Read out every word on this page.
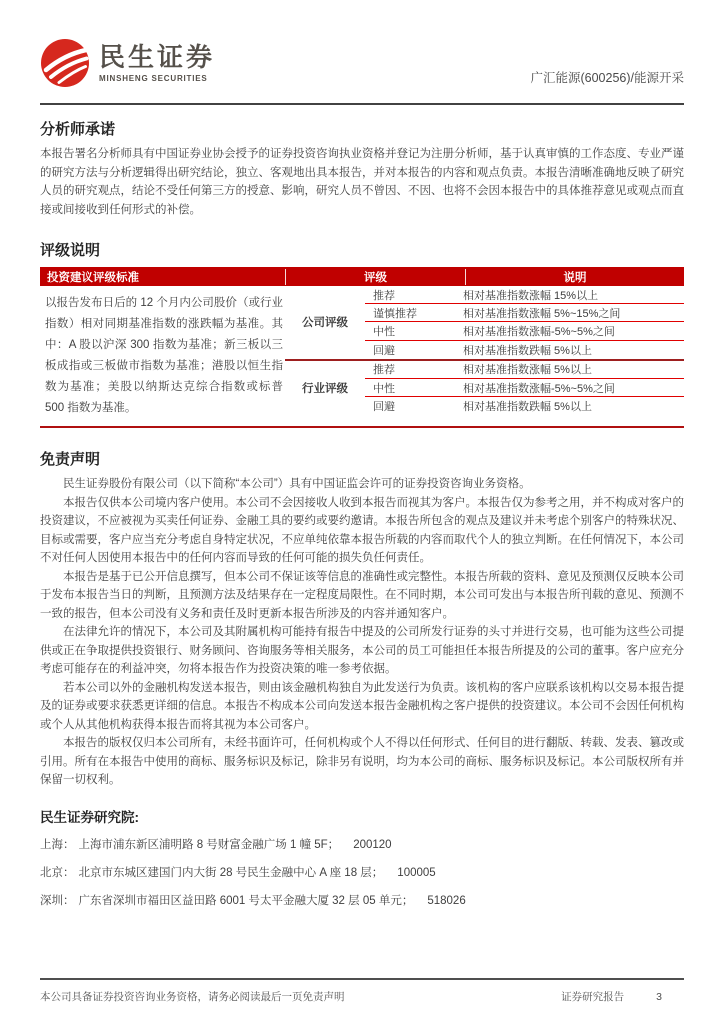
民生证券
MINSHENG SECURITIES	广汇能源(600256)/能源开采
分析师承诺

本报告署名分析师具有中国证券业协会授予的证券投资咨询执业资格并登记为注册分析师，基于认真审慎的工作态度、专业严谨的研究方法与分析逻辑得出研究结论，独立、客观地出具本报告，并对本报告的内容和观点负责。本报告清晰准确地反映了研究人员的研究观点，结论不受任何第三方的授意、影响，研究人员不曾因、不因、也将不会因本报告中的具体推荐意见或观点而直接或间接收到任何形式的补偿。

评级说明
投资建议评级标准	评级	说明
以报告发布日后的 12 个月内公司股价（或行业指数）相对同期基准指数的涨跌幅为基准。其中：A 股以沪深 300 指数为基准；新三板以三板成指或三板做市指数为基准；港股以恒生指数为基准；美股以纳斯达克综合指数或标普 500 指数为基准。
公司评级
推荐	相对基准指数涨幅 15%以上
谨慎推荐	相对基准指数涨幅 5%~15%之间
中性	相对基准指数涨幅-5%~5%之间
回避	相对基准指数跌幅 5%以上
行业评级
推荐	相对基准指数涨幅 5%以上
中性	相对基准指数涨幅-5%~5%之间
回避	相对基准指数跌幅 5%以上
免责声明

民生证券股份有限公司（以下简称“本公司”）具有中国证监会许可的证券投资咨询业务资格。

本报告仅供本公司境内客户使用。本公司不会因接收人收到本报告而视其为客户。本报告仅为参考之用，并不构成对客户的投资建议，不应被视为买卖任何证券、金融工具的要约或要约邀请。本报告所包含的观点及建议并未考虑个别客户的特殊状况、目标或需要，客户应当充分考虑自身特定状况，不应单纯依靠本报告所载的内容而取代个人的独立判断。在任何情况下，本公司不对任何人因使用本报告中的任何内容而导致的任何可能的损失负任何责任。

本报告是基于已公开信息撰写，但本公司不保证该等信息的准确性或完整性。本报告所载的资料、意见及预测仅反映本公司于发布本报告当日的判断，且预测方法及结果存在一定程度局限性。在不同时期，本公司可发出与本报告所刊载的意见、预测不一致的报告，但本公司没有义务和责任及时更新本报告所涉及的内容并通知客户。

在法律允许的情况下，本公司及其附属机构可能持有报告中提及的公司所发行证券的头寸并进行交易，也可能为这些公司提供或正在争取提供投资银行、财务顾问、咨询服务等相关服务，本公司的员工可能担任本报告所提及的公司的董事。客户应充分考虑可能存在的利益冲突，勿将本报告作为投资决策的唯一参考依据。

若本公司以外的金融机构发送本报告，则由该金融机构独自为此发送行为负责。该机构的客户应联系该机构以交易本报告提及的证券或要求获悉更详细的信息。本报告不构成本公司向发送本报告金融机构之客户提供的投资建议。本公司不会因任何机构或个人从其他机构获得本报告而将其视为本公司客户。

本报告的版权仅归本公司所有，未经书面许可，任何机构或个人不得以任何形式、任何目的进行翻版、转载、发表、篡改或引用。所有在本报告中使用的商标、服务标识及标记，除非另有说明，均为本公司的商标、服务标识及标记。本公司版权所有并保留一切权利。

民生证券研究院:
上海： 上海市浦东新区浦明路 8 号财富金融广场 1 幢 5F； 200120
北京： 北京市东城区建国门内大街 28 号民生金融中心 A 座 18 层； 100005
深圳： 广东省深圳市福田区益田路 6001 号太平金融大厦 32 层 05 单元； 518026
本公司具备证券投资咨询业务资格，请务必阅读最后一页免责声明	证券研究报告	3
